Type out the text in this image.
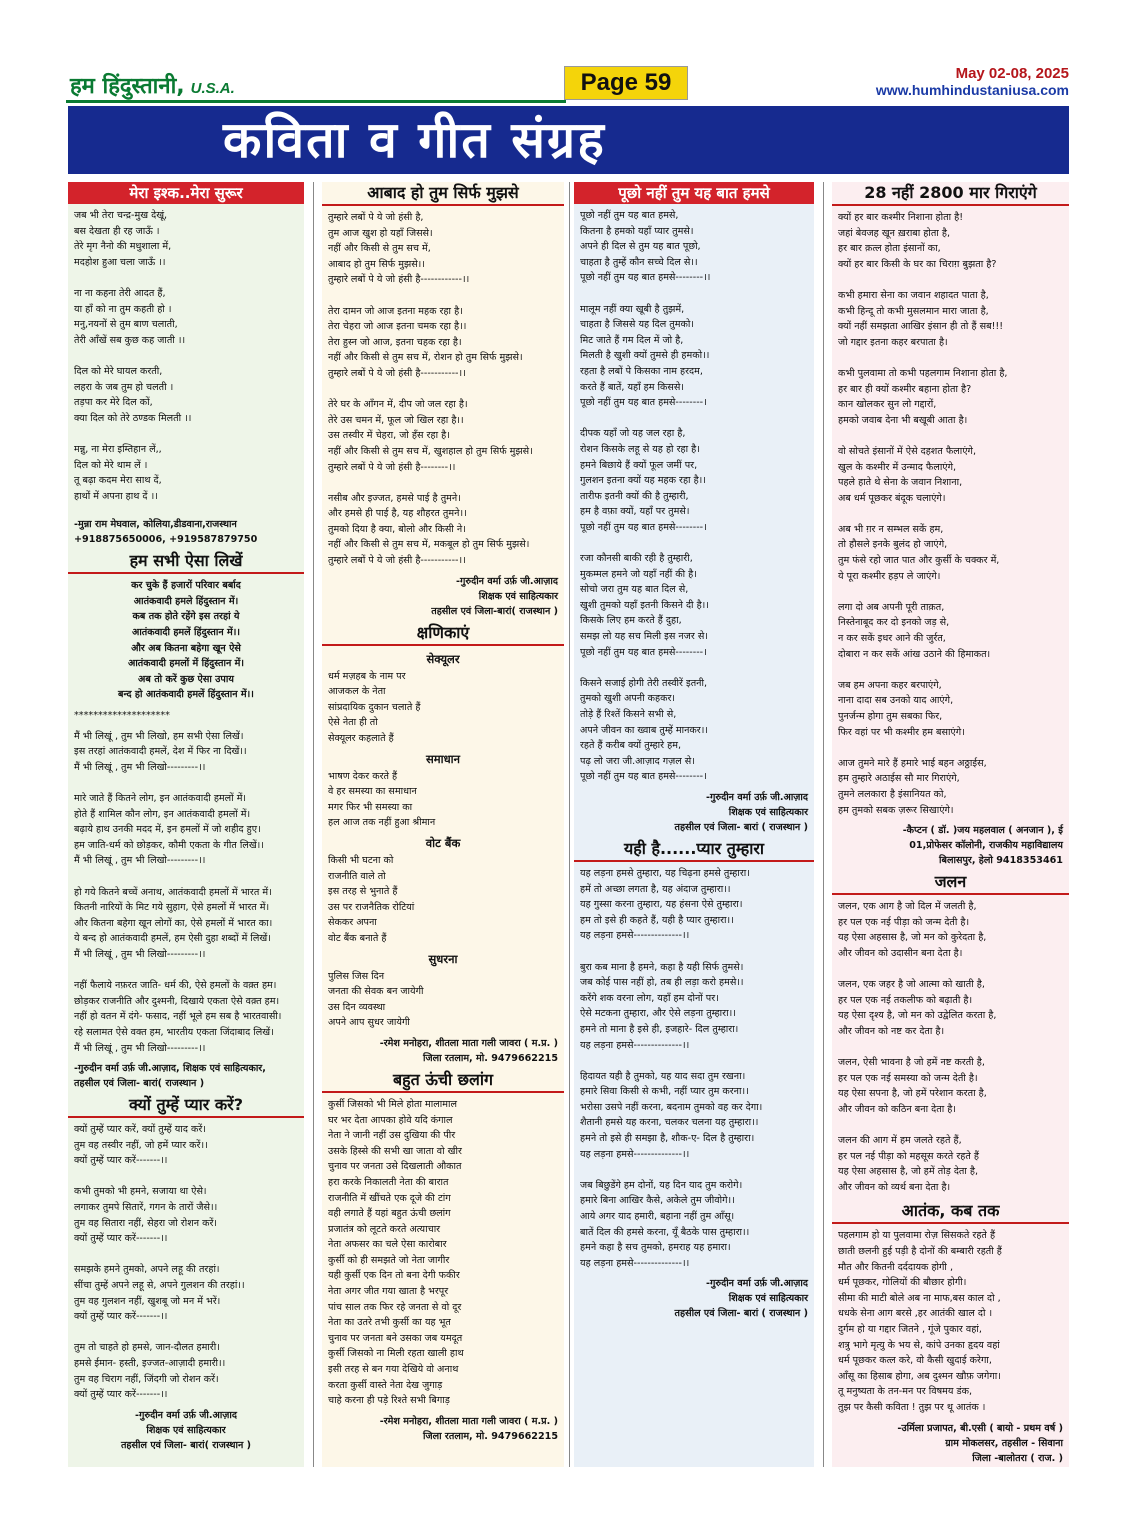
हम हिंदुस्तानी, U.S.A.	Page 59	May 02-08, 2025
www.humhindustaniusa.com
कविता व गीत संग्रह
मेरा इश्क..मेरा सुरूर
जब भी तेरा चन्द्र-मुख देखूं,
बस देखता ही रह जाऊँ ।
तेरे मृग नैनो की मधुशाला में,
मदहोश हुआ चला जाऊँ ।।

ना ना कहना तेरी आदत हैं,
या हाँ को ना तुम कहती हो ।
मनु,नयनों से तुम बाण चलाती,
तेरी आँखें सब कुछ कह जाती ।।

दिल को मेरे घायल करती,
लहरा के जब तुम हो चलती ।
तड़पा कर मेरे दिल कों,
क्या दिल को तेरे ठण्डक मिलती ।।

मन्नु, ना मेरा इम्तिहान लें,,
दिल को मेरे थाम लें ।
तू बढ़ा कदम मेरा साथ दें,
हाथों में अपना हाथ दें ।।
-मुन्ना राम मेघवाल, कोलिया,डीडवाना,राजस्थान
+918875650006, +919587879750
हम सभी ऐसा लिखें
कर चुके हैं हजारों परिवार बर्बाद
आतंकवादी हमले हिंदुस्तान में।
कब तक होते रहेंगे इस तरहां ये
आतंकवादी हमलें हिंदुस्तान में।।
और अब कितना बहेगा खून ऐसे
आतंकवादी हमलों में हिंदुस्तान में।
अब तो करें कुछ ऐसा उपाय
बन्द हो आतंकवादी हमलें हिंदुस्तान में।।
********************
मैं भी लिखूं , तुम भी लिखो, हम सभी ऐसा लिखें।
इस तरहां आतंकवादी हमलें, देश में फिर ना दिखें।।
मैं भी लिखूं , तुम भी लिखो---------।।

मारे जाते हैं कितने लोग, इन आतंकवादी हमलों में।
होते हैं शामिल कौन लोग, इन आतंकवादी हमलों में।
बढ़ाये हाथ उनकी मदद में, इन हमलों में जो शहीद हुए।
हम जाति-धर्म को छोड़कर, कौमी एकता के गीत लिखें।।
मैं भी लिखूं , तुम भी लिखो---------।।

हो गये कितने बच्चें अनाथ, आतंकवादी हमलों में भारत में।
कितनी नारियों के मिट गये सुहाग, ऐसे हमलों में भारत में।
और कितना बहेगा खून लोगों का, ऐसे हमलों में भारत का।
ये बन्द हो आतंकवादी हमलें, हम ऐसी दुहा शब्दों में लिखें।
मैं भी लिखूं , तुम भी लिखो---------।।

नहीं फैलाये नफ़रत जाति- धर्म की, ऐसे हमलों के वक़्त हम।
छोड़कर राजनीति और दुश्मनी, दिखाये एकता ऐसे वक़्त हम।
नहीं हो वतन में दंगे- फसाद, नहीं भूले हम सब है भारतवासी।
रहे सलामत ऐसे वक्त हम, भारतीय एकता जिंदाबाद लिखें।
मैं भी लिखूं , तुम भी लिखो---------।।
-गुरुदीन वर्मा उर्फ़ जी.आज़ाद, शिक्षक एवं साहित्यकार,
तहसील एवं जिला- बारां( राजस्थान )
क्यों तुम्हें प्यार करें?
क्यों तुम्हें प्यार करें, क्यों तुम्हें याद करें।
तुम वह तस्वीर नहीं, जो हमें प्यार करें।।
क्यों तुम्हें प्यार करें-------।।

कभी तुमको भी हमने, सजाया था ऐसे।
लगाकर तुमपे सितारें, गगन के तारों जैसे।।
तुम वह सितारा नहीं, सेहरा जो रोशन करें।
क्यों तुम्हें प्यार करें-------।।

समझके हमने तुमको, अपने लहू की तरहां।
सींचा तुम्हें अपने लहू से, अपने गुलशन की तरहां।।
तुम वह गुलशन नहीं, खुशबू जो मन में भरें।
क्यों तुम्हें प्यार करें-------।।

तुम तो चाहते हो हमसे, जान-दौलत हमारी।
हमसे ईमान- हस्ती, इज्जत-आज़ादी हमारी।।
तुम वह चिराग नहीं, जिंदगी जो रोशन करें।
क्यों तुम्हें प्यार करें-------।।
-गुरुदीन वर्मा उर्फ़ जी.आज़ाद
शिक्षक एवं साहित्यकार
तहसील एवं जिला- बारां( राजस्थान )
आबाद हो तुम सिर्फ मुझसे
तुम्हारे लबों पे ये जो हंसी है,
तुम आज खुश हो यहाँ जिससे।
नहीं और किसी से तुम सच में,
आबाद हो तुम सिर्फ मुझसे।।
तुम्हारे लबों पे ये जो हंसी है------------।।

तेरा दामन जो आज इतना महक रहा है।
तेरा चेहरा जो आज इतना चमक रहा है।।
तेरा हुस्न जो आज, इतना चहक रहा है।
नहीं और किसी से तुम सच में, रोशन हो तुम सिर्फ मुझसे।
तुम्हारे लबों पे ये जो हंसी है-----------।।

तेरे घर के आँगन में, दीप जो जल रहा है।
तेरे उस चमन में, फूल जो खिल रहा है।।
उस तस्वीर में चेहरा, जो हँस रहा है।
नहीं और किसी से तुम सच में, खुशहाल हो तुम सिर्फ मुझसे।
तुम्हारे लबों पे ये जो हंसी है--------।।

नसीब और इज्जत, हमसे पाई है तुमने।
और हमसे ही पाई है, यह शौहरत तुमने।।
तुमको दिया है क्या, बोलो और किसी ने।
नहीं और किसी से तुम सच में, मकबूल हो तुम सिर्फ मुझसे।
तुम्हारे लबों पे ये जो हंसी है-----------।।
-गुरुदीन वर्मा उर्फ़ जी.आज़ाद
शिक्षक एवं साहित्यकार
तहसील एवं जिला-बारां( राजस्थान )
क्षणिकाएं
सेक्यूलर
धर्म मज़हब के नाम पर
आजकल के नेता
सांप्रदायिक दुकान चलाते हैं
ऐसे नेता ही तो
सेक्यूलर कहलाते हैं
समाधान
भाषण देकर करते हैं
वे हर समस्या का समाधान
मगर फिर भी समस्या का
हल आज तक नहीं हुआ श्रीमान
वोट बैंक
किसी भी घटना को
राजनीति वाले तो
इस तरह से भुनाते हैं
उस पर राजनैतिक रोटियां
सेककर अपना
वोट बैंक बनाते हैं
सुधरना
पुलिस जिस दिन
जनता की सेवक बन जायेगी
उस दिन व्यवस्था
अपने आप सुधर जायेगी
-रमेश मनोहरा, शीतला माता गली जावरा ( म.प्र. )
जिला रतलाम, मो. 9479662215
बहुत ऊंची छलांग
कुर्सी जिसको भी मिले होता मालामाल
घर भर देता आपका होवे यदि कंगाल
नेता ने जानी नहीं उस दुखिया की पीर
उसके हिस्से की सभी खा जाता वो खीर
चुनाव पर जनता उसे दिखलाती औकात
हरा करके निकालती नेता की बारात
राजनीति में खींचते एक दूजे की टांग
वही लगाते हैं यहां बहुत ऊंची छलांग
प्रजातंत्र को लूटते करते अत्याचार
नेता अफसर का चले ऐसा कारोबार
कुर्सी को ही समझते जो नेता जागीर
यही कुर्सी एक दिन तो बना देगी फकीर
नेता अगर जीत गया खाता है भरपूर
पांच साल तक फिर रहे जनता से वो दूर
नेता का उतरे तभी कुर्सी का यह भूत
चुनाव पर जनता बने उसका जब यमदूत
कुर्सी जिसको ना मिली रहता खाली हाथ
इसी तरह से बन गया देखिये वो अनाथ
करता कुर्सी वास्ते नेता देख जुगाड़
चाहे करना ही पड़े रिश्ते सभी बिगाड़
-रमेश मनोहरा, शीतला माता गली जावरा ( म.प्र. )
जिला रतलाम, मो. 9479662215
पूछो नहीं तुम यह बात हमसे
पूछो नहीं तुम यह बात हमसे,
कितना है हमको यहाँ प्यार तुमसे।
अपने ही दिल से तुम यह बात पूछो,
चाहता है तुम्हें कौन सच्चे दिल से।।
पूछो नहीं तुम यह बात हमसे--------।।

मालूम नहीं क्या खूबी है तुझमें,
चाहता है जिससे यह दिल तुमको।
मिट जाते हैं गम दिल में जो है,
मिलती है खुशी क्यों तुमसे ही हमको।।
रहता है लबों पे किसका नाम हरदम,
करते हैं बातें, यहाँ हम किससे।
पूछो नहीं तुम यह बात हमसे--------।

दीपक यहाँ जो यह जल रहा है,
रोशन किसके लहू से यह हो रहा है।
हमने बिछाये हैं क्यों फूल जमीं पर,
गुलशन इतना क्यों यह महक रहा है।।
तारीफ इतनी क्यों की है तुम्हारी,
हम है वफ़ा क्यों, यहाँ पर तुमसे।
पूछो नहीं तुम यह बात हमसे--------।

रजा कौनसी बाकी रही है तुम्हारी,
मुकम्मल हमने जो यहाँ नहीं की है।
सोचो जरा तुम यह बात दिल से,
खुशी तुमको यहाँ इतनी किसने दी है।।
किसके लिए हम करते हैं दुहा,
समझ लो यह सच मिली इस नजर से।
पूछो नहीं तुम यह बात हमसे--------।

किसने सजाई होगी तेरी तस्वीरें इतनी,
तुमको खुशी अपनी कहकर।
तोड़े हैं रिश्तें किसने सभी से,
अपने जीवन का ख्वाब तुम्हें मानकर।।
रहते हैं करीब क्यों तुम्हारे हम,
पढ़ लो जरा जी.आज़ाद गज़ल से।
पूछो नहीं तुम यह बात हमसे--------।
-गुरुदीन वर्मा उर्फ़ जी.आज़ाद
शिक्षक एवं साहित्यकार
तहसील एवं जिला- बारां ( राजस्थान )
यही है......प्यार तुम्हारा
यह लड़ना हमसे तुम्हारा, यह चिढ़ना हमसे तुम्हारा।
हमें तो अच्छा लगता है, यह अंदाज तुम्हारा।।
यह गुस्सा करना तुम्हारा, यह हंसना ऐसे तुम्हारा।
हम तो इसे ही कहते हैं, यही है प्यार तुम्हारा।।
यह लड़ना हमसे--------------।।

बुरा कब माना है हमने, कहा है यही सिर्फ तुमसे।
जब कोई पास नहीं हो, तब ही लड़ा करो हमसे।।
करेंगे शक वरना लोग, यहाँ हम दोनों पर।
ऐसे मटकना तुम्हारा, और ऐसे लड़ना तुम्हारा।।
हमने तो माना है इसे ही, इजहारे- दिल तुम्हारा।
यह लड़ना हमसे--------------।।

हिदायत यही है तुमको, यह याद सदा तुम रखना।
हमारे सिवा किसी से कभी, नहीं प्यार तुम करना।।
भरोसा उसपे नहीं करना, बदनाम तुमको वह कर देगा।
शैतानी हमसे यह करना, चलकर चलना यह तुम्हारा।।
हमने तो इसे ही समझा है, शौक-ए- दिल है तुम्हारा।
यह लड़ना हमसे--------------।।

जब बिछुडेंगे हम दोनों, यह दिन याद तुम करोगे।
हमारे बिना आखिर कैसे, अकेले तुम जीवोगे।।
आये अगर याद हमारी, बहाना नहीं तुम आँसू।
बातें दिल की हमसे करना, यूँ बैठके पास तुम्हारा।।
हमने कहा है सच तुमको, हमराह यह हमारा।
यह लड़ना हमसे--------------।।
-गुरुदीन वर्मा उर्फ़ जी.आज़ाद
शिक्षक एवं साहित्यकार
तहसील एवं जिला- बारां ( राजस्थान )
28 नहीं 2800 मार गिराएंगे
क्यों हर बार कश्मीर निशाना होता है!
जहां बेवजह खून ख़राबा होता है,
हर बार क़त्ल होता इंसानों का,
क्यों हर बार किसी के घर का चिराग़ बुझता है?

कभी हमारा सेना का जवान शहादत पाता है,
कभी हिन्दू तो कभी मुसलमान मारा जाता है,
क्यों नहीं समझता आखिर इंसान ही तो हैं सब!!!
जो गद्दार इतना कहर बरपाता है।

कभी पुलवामा तो कभी पहलगाम निशाना होता है,
हर बार ही क्यों कश्मीर बहाना होता है?
कान खोलकर सुन लो गद्दारों,
हमको जवाब देना भी बखूबी आता है।

वो सोचते इंसानों में ऐसे दहशत फैलाएंगे,
खुल के कश्मीर में उन्माद फैलाएंगे,
पहले हाते थे सेना के जवान निशाना,
अब धर्म पूछकर बंदूक चलाएंगे।

अब भी ग़र न सम्भल सकें हम,
तो हौसले इनके बुलंद हो जाएंगे,
तुम फंसे रहो जात पात और कुर्सी के चक्कर में,
ये पूरा कश्मीर हड़प ले जाएंगे।

लगा दो अब अपनी पूरी ताक़त,
निस्तेनाबूद कर दो इनको जड़ से,
न कर सकें इधर आने की जुर्रत,
दोबारा न कर सकें आंख उठाने की हिमाकत।

जब हम अपना कहर बरपाएंगे,
नाना दादा सब उनको याद आएंगे,
पुनर्जन्म होगा तुम सबका फिर,
फिर वहां पर भी कश्मीर हम बसाएंगे।

आज तुमने मारे हैं हमारे भाई बहन अठ्ठाईस,
हम तुम्हारे अठाईस सौ मार गिराएंगे,
तुमने ललकारा है इंसानियत को,
हम तुमको सबक ज़रूर सिखाएंगे।
-कैप्टन ( डॉ. )जय महलवाल ( अनजान ), ई
01,प्रोफेसर कॉलोनी, राजकीय महाविद्यालय
बिलासपुर, हेलो 9418353461
जलन
जलन, एक आग है जो दिल में जलती है,
हर पल एक नई पीड़ा को जन्म देती है।
यह ऐसा अहसास है, जो मन को कुरेदता है,
और जीवन को उदासीन बना देता है।

जलन, एक जहर है जो आत्मा को खाती है,
हर पल एक नई तकलीफ को बढ़ाती है।
यह ऐसा दृश्य है, जो मन को उद्वेलित करता है,
और जीवन को नष्ट कर देता है।

जलन, ऐसी भावना है जो हमें नष्ट करती है,
हर पल एक नई समस्या को जन्म देती है।
यह ऐसा सपना है, जो हमें परेशान करता है,
और जीवन को कठिन बना देता है।

जलन की आग में हम जलते रहते हैं,
हर पल नई पीड़ा को महसूस करते रहते हैं
यह ऐसा अहसास है, जो हमें तोड़ देता है,
और जीवन को व्यर्थ बना देता है।
आतंक, कब तक
पहलगाम हो या पुलवामा रोज़ सिसकते रहते हैं
छाती छलनी हुई पड़ी है दोनों की बम्बारी रहती हैं
मौत और कितनी दर्ददायक होगी ,
धर्म पूछकर, गोलियों की बौछार होगी।
सीमा की माटी बोले अब ना माफ,बस काल दो ,
धधके सेना आग बरसे ,हर आतंकी खाल दो ।
दुर्गम हो या गद्दार जितने , गूंजे पुकार वहां,
शत्रु भागे मृत्यु के भय से, कांपे उनका हृदय वहां
धर्म पूछकर कत्ल करे, वो कैसी खुदाई करेगा,
आँसू का हिसाब होगा, अब दुश्मन खौफ़ जगेगा।
तू मनुष्यता के तन-मन पर विषमय डंक,
तुझ पर कैसी कविता ! तुझ पर थू आतंक ।
-उर्मिला प्रजापत, बी.एसी ( बायो - प्रथम वर्ष )
ग्राम मोकलसर, तहसील - सिवाना
जिला -बालोतरा ( राज. )
